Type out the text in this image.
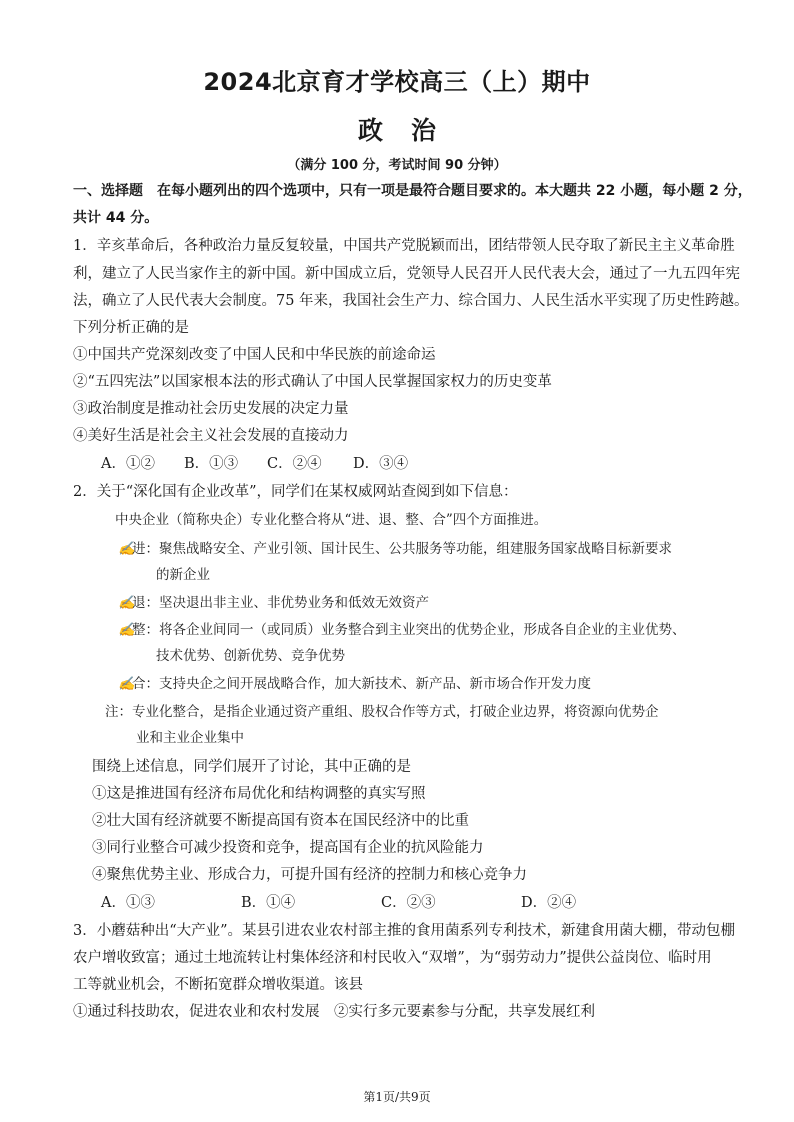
2024北京育才学校高三（上）期中
政治
（满分 100 分，考试时间 90 分钟）
一、选择题　在每小题列出的四个选项中，只有一项是最符合题目要求的。本大题共 22 小题，每小题 2 分，
共计 44 分。
1．辛亥革命后，各种政治力量反复较量，中国共产党脱颖而出，团结带领人民夺取了新民主主义革命胜
利，建立了人民当家作主的新中国。新中国成立后，党领导人民召开人民代表大会，通过了一九五四年宪
法，确立了人民代表大会制度。75 年来，我国社会生产力、综合国力、人民生活水平实现了历史性跨越。
下列分析正确的是
①中国共产党深刻改变了中国人民和中华民族的前途命运
②“五四宪法”以国家根本法的形式确认了中国人民掌握国家权力的历史变革
③政治制度是推动社会历史发展的决定力量
④美好生活是社会主义社会发展的直接动力
A．①② B．①③ C．②④ D．③④
2．关于“深化国有企业改革”，同学们在某权威网站查阅到如下信息：
中央企业（简称央企）专业化整合将从“进、退、整、合”四个方面推进。
✍进：聚焦战略安全、产业引领、国计民生、公共服务等功能，组建服务国家战略目标新要求
的新企业
✍退：坚决退出非主业、非优势业务和低效无效资产
✍整：将各企业间同一（或同质）业务整合到主业突出的优势企业，形成各自企业的主业优势、
技术优势、创新优势、竞争优势
✍合：支持央企之间开展战略合作，加大新技术、新产品、新市场合作开发力度
注：专业化整合，是指企业通过资产重组、股权合作等方式，打破企业边界，将资源向优势企
业和主业企业集中
围绕上述信息，同学们展开了讨论，其中正确的是
①这是推进国有经济布局优化和结构调整的真实写照
②壮大国有经济就要不断提高国有资本在国民经济中的比重
③同行业整合可减少投资和竞争，提高国有企业的抗风险能力
④聚焦优势主业、形成合力，可提升国有经济的控制力和核心竞争力
A．①③	B．①④	C．②③	D．②④
3．小蘑菇种出“大产业”。某县引进农业农村部主推的食用菌系列专利技术，新建食用菌大棚，带动包棚
农户增收致富；通过土地流转让村集体经济和村民收入“双增”，为“弱劳动力”提供公益岗位、临时用
工等就业机会，不断拓宽群众增收渠道。该县
①通过科技助农，促进农业和农村发展　②实行多元要素参与分配，共享发展红利
第1页/共9页
